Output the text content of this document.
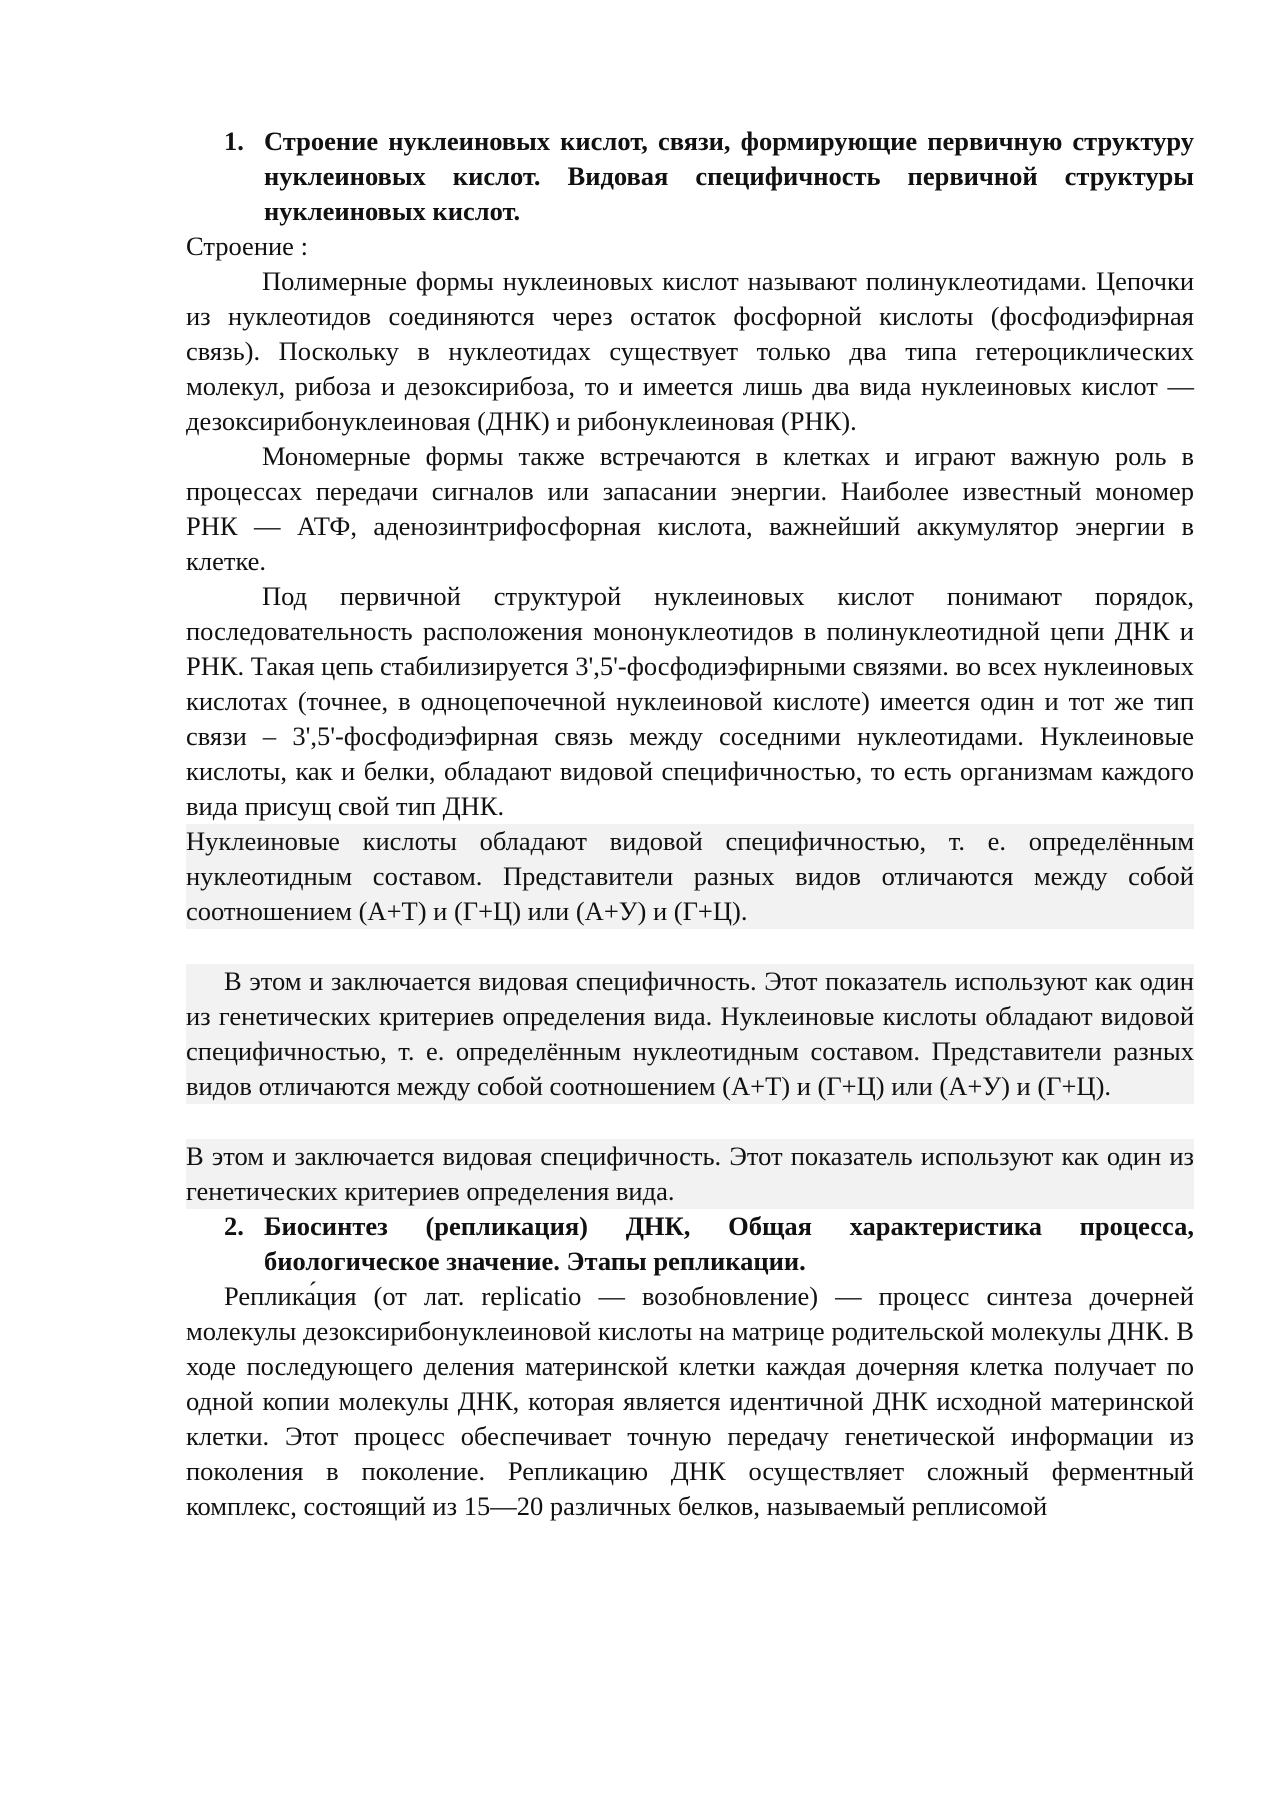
1. Строение нуклеиновых кислот, связи, формирующие первичную структуру нуклеиновых кислот. Видовая специфичность первичной структуры нуклеиновых кислот.

Строение :

Полимерные формы нуклеиновых кислот называют полинуклеотидами. Цепочки из нуклеотидов соединяются через остаток фосфорной кислоты (фосфодиэфирная связь). Поскольку в нуклеотидах существует только два типа гетероциклических молекул, рибоза и дезоксирибоза, то и имеется лишь два вида нуклеиновых кислот — дезоксирибонуклеиновая (ДНК) и рибонуклеиновая (РНК).

Мономерные формы также встречаются в клетках и играют важную роль в процессах передачи сигналов или запасании энергии. Наиболее известный мономер РНК — АТФ, аденозинтрифосфорная кислота, важнейший аккумулятор энергии в клетке.

Под первичной структурой нуклеиновых кислот понимают порядок, последовательность расположения мононуклеотидов в полинуклеотидной цепи ДНК и РНК. Такая цепь стабилизируется 3',5'-фосфодиэфирными связями. во всех нуклеиновых кислотах (точнее, в одноцепочечной нуклеиновой кислоте) имеется один и тот же тип связи – 3',5'-фосфодиэфирная связь между соседними нуклеотидами. Нуклеиновые кислоты, как и белки, обладают видовой специфичностью, то есть организмам каждого вида присущ свой тип ДНК.

Нуклеиновые кислоты обладают видовой специфичностью, т. е. определённым нуклеотидным составом. Представители разных видов отличаются между собой соотношением (А+Т) и (Г+Ц) или (А+У) и (Г+Ц).

В этом и заключается видовая специфичность. Этот показатель используют как один из генетических критериев определения вида. Нуклеиновые кислоты обладают видовой специфичностью, т. е. определённым нуклеотидным составом. Представители разных видов отличаются между собой соотношением (А+Т) и (Г+Ц) или (А+У) и (Г+Ц).

В этом и заключается видовая специфичность. Этот показатель используют как один из генетических критериев определения вида.

2. Биосинтез (репликация) ДНК, Общая характеристика процесса, биологическое значение. Этапы репликации.

Реплика́ция (от лат. replicatio — возобновление) — процесс синтеза дочерней молекулы дезоксирибонуклеиновой кислоты на матрице родительской молекулы ДНК. В ходе последующего деления материнской клетки каждая дочерняя клетка получает по одной копии молекулы ДНК, которая является идентичной ДНК исходной материнской клетки. Этот процесс обеспечивает точную передачу генетической информации из поколения в поколение. Репликацию ДНК осуществляет сложный ферментный комплекс, состоящий из 15—20 различных белков, называемый реплисомой
